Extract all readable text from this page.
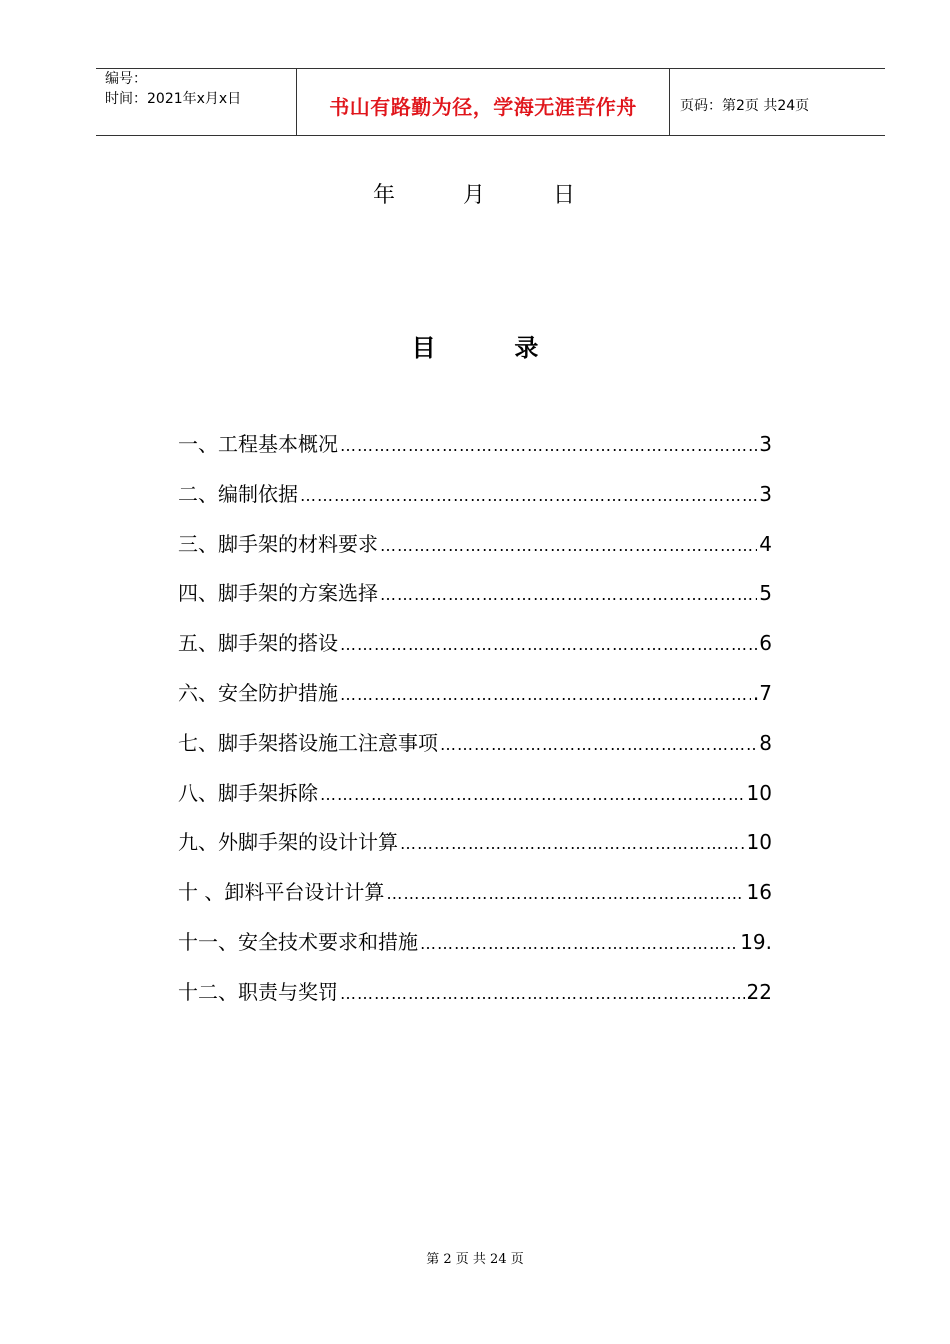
编号：
时间：2021年x月x日	书山有路勤为径，学海无涯苦作舟	页码：第2页 共24页
年	月	日
目	录
一、工程基本概况 …………………………………………………………………………………………………………	3
二、编制依据 …………………………………………………………………………………………………………	3
三、脚手架的材料要求 …………………………………………………………………………………………………………	4
四、脚手架的方案选择 …………………………………………………………………………………………………………	5
五、脚手架的搭设 …………………………………………………………………………………………………………	6
六、安全防护措施 …………………………………………………………………………………………………………	.7
七、脚手架搭设施工注意事项 …………………………………………………………………………………………………………	8
八、脚手架拆除 …………………………………………………………………………………………………………	10
九、外脚手架的设计计算 …………………………………………………………………………………………………………	10
十 、卸料平台设计计算 …………………………………………………………………………………………………………	16
十一、安全技术要求和措施 …………………………………………………………………………………………………………	19.
十二、职责与奖罚 …………………………………………………………………………………………………………	22
第 2 页 共 24 页
